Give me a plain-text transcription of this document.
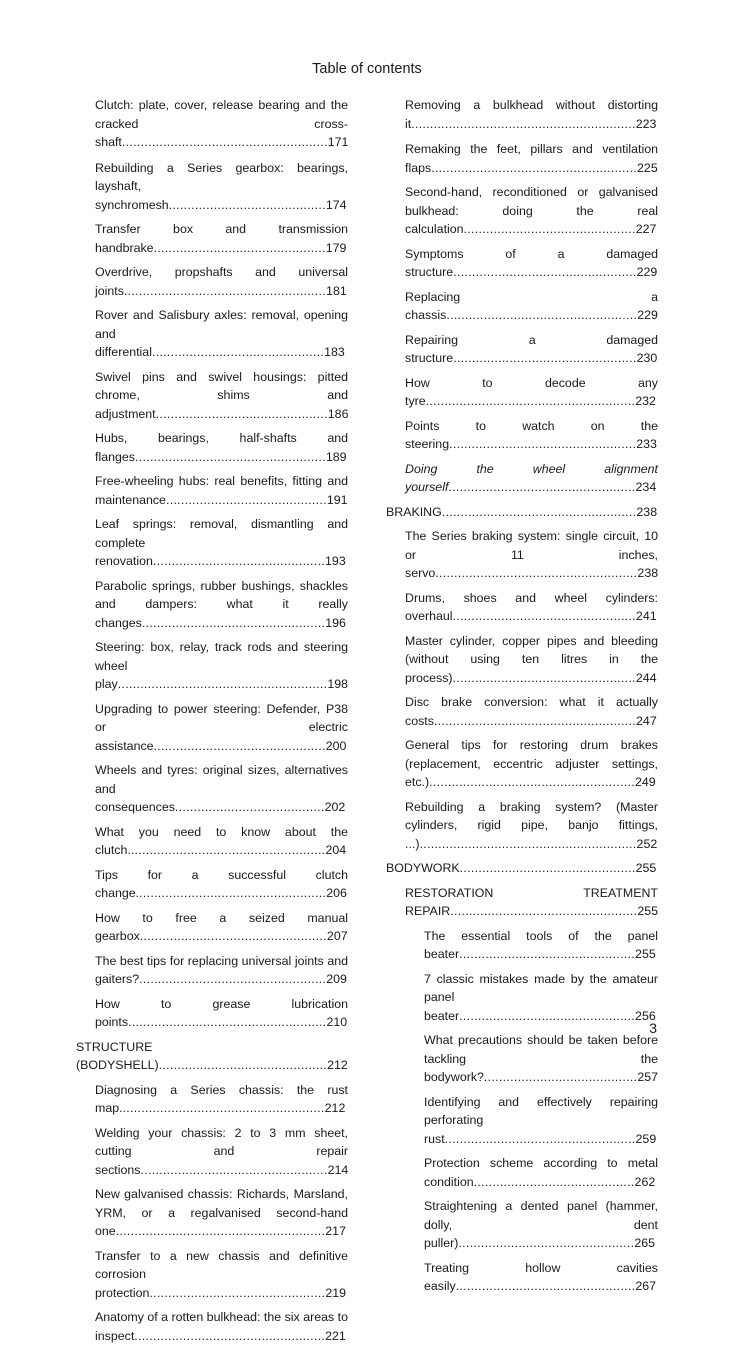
Table of contents
Clutch: plate, cover, release bearing and the cracked cross-shaft.......................................................171
Rebuilding a Series gearbox: bearings, layshaft, synchromesh..........................................174
Transfer box and transmission handbrake..............................................179
Overdrive, propshafts and universal joints......................................................181
Rover and Salisbury axles: removal, opening and differential..............................................183
Swivel pins and swivel housings: pitted chrome, shims and adjustment..............................................186
Hubs, bearings, half-shafts and flanges...................................................189
Free-wheeling hubs: real benefits, fitting and maintenance...........................................191
Leaf springs: removal, dismantling and complete renovation..............................................193
Parabolic springs, rubber bushings, shackles and dampers: what it really changes.................................................196
Steering: box, relay, track rods and steering wheel play........................................................198
Upgrading to power steering: Defender, P38 or electric assistance..............................................200
Wheels and tyres: original sizes, alternatives and consequences........................................202
What you need to know about the clutch.....................................................204
Tips for a successful clutch change...................................................206
How to free a seized manual gearbox..................................................207
The best tips for replacing universal joints and gaiters?..................................................209
How to grease lubrication points.....................................................210
STRUCTURE (BODYSHELL).............................................212
Diagnosing a Series chassis: the rust map.......................................................212
Welding your chassis: 2 to 3 mm sheet, cutting and repair sections..................................................214
New galvanised chassis: Richards, Marsland, YRM, or a regalvanised second-hand one........................................................217
Transfer to a new chassis and definitive corrosion protection...............................................219
Anatomy of a rotten bulkhead: the six areas to inspect...................................................221
Removing a bulkhead without distorting it............................................................223
Remaking the feet, pillars and ventilation flaps.......................................................225
Second-hand, reconditioned or galvanised bulkhead: doing the real calculation..............................................227
Symptoms of a damaged structure.................................................229
Replacing a chassis...................................................229
Repairing a damaged structure.................................................230
How to decode any tyre........................................................232
Points to watch on the steering..................................................233
Doing the wheel alignment yourself..................................................234
BRAKING....................................................238
The Series braking system: single circuit, 10 or 11 inches, servo......................................................238
Drums, shoes and wheel cylinders: overhaul.................................................241
Master cylinder, copper pipes and bleeding (without using ten litres in the process).................................................244
Disc brake conversion: what it actually costs......................................................247
General tips for restoring drum brakes (replacement, eccentric adjuster settings, etc.).......................................................249
Rebuilding a braking system? (Master cylinders, rigid pipe, banjo fittings, ...)..........................................................252
BODYWORK...............................................255
RESTORATION TREATMENT REPAIR..................................................255
The essential tools of the panel beater...............................................255
7 classic mistakes made by the amateur panel beater...............................................256
What precautions should be taken before tackling the bodywork?.........................................257
Identifying and effectively repairing perforating rust...................................................259
Protection scheme according to metal condition...........................................262
Straightening a dented panel (hammer, dolly, dent puller)...............................................265
Treating hollow cavities easily................................................267
3
